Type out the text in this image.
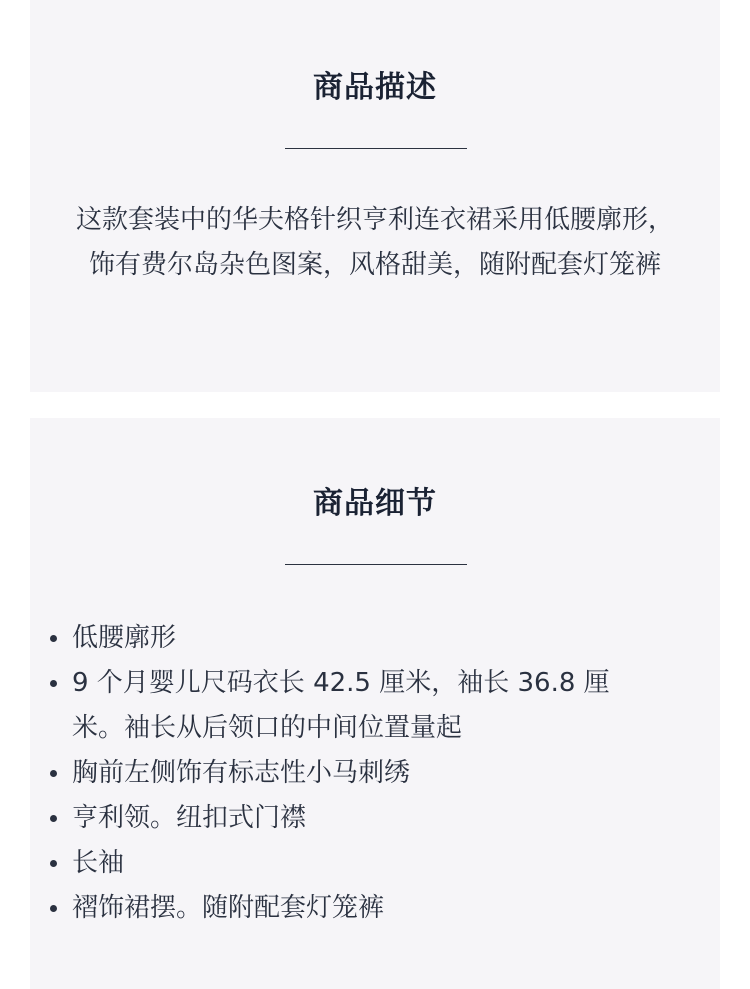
商品描述

这款套装中的华夫格针织亨利连衣裙采用低腰廓形，饰有费尔岛杂色图案，风格甜美，随附配套灯笼裤

商品细节
低腰廓形
9 个月婴儿尺码衣长 42.5 厘米，袖长 36.8 厘米。袖长从后领口的中间位置量起
胸前左侧饰有标志性小马刺绣
亨利领。纽扣式门襟
长袖
褶饰裙摆。随附配套灯笼裤
